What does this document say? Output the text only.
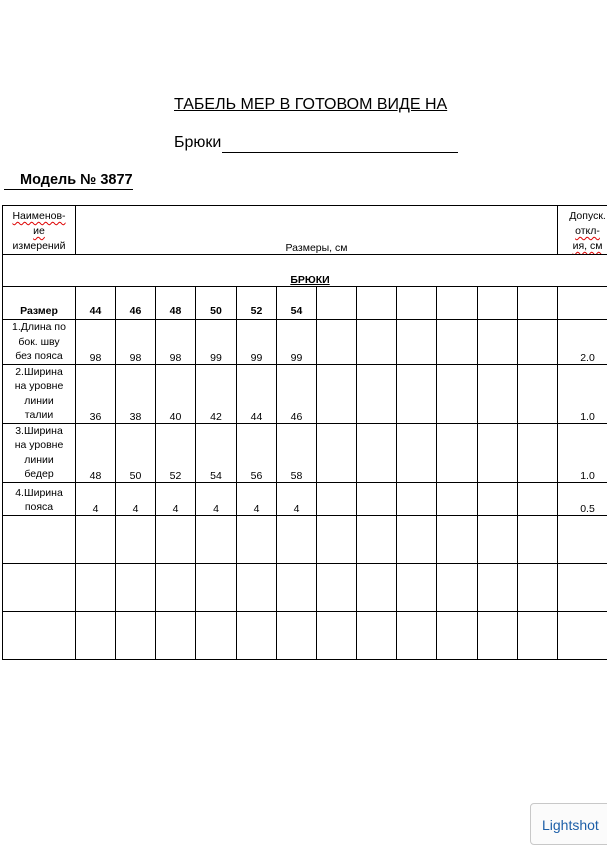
ТАБЕЛЬ МЕР В ГОТОВОМ ВИДЕ НА
Брюки
Модель № 3877
Наименов-
ие
измерений	Размеры, см												Допуск.
откл-
ия, см
БРЮКИ													
Размер	44	46	48	50	52	54							
1.Длина по
бок. шву
без пояса	98	98	98	99	99	99							2.0
2.Ширина
на уровне
линии
талии	36	38	40	42	44	46							1.0
3.Ширина
на уровне
линии
бедер	48	50	52	54	56	58							1.0
4.Ширина
пояса	4	4	4	4	4	4							0.5

Lightshot
